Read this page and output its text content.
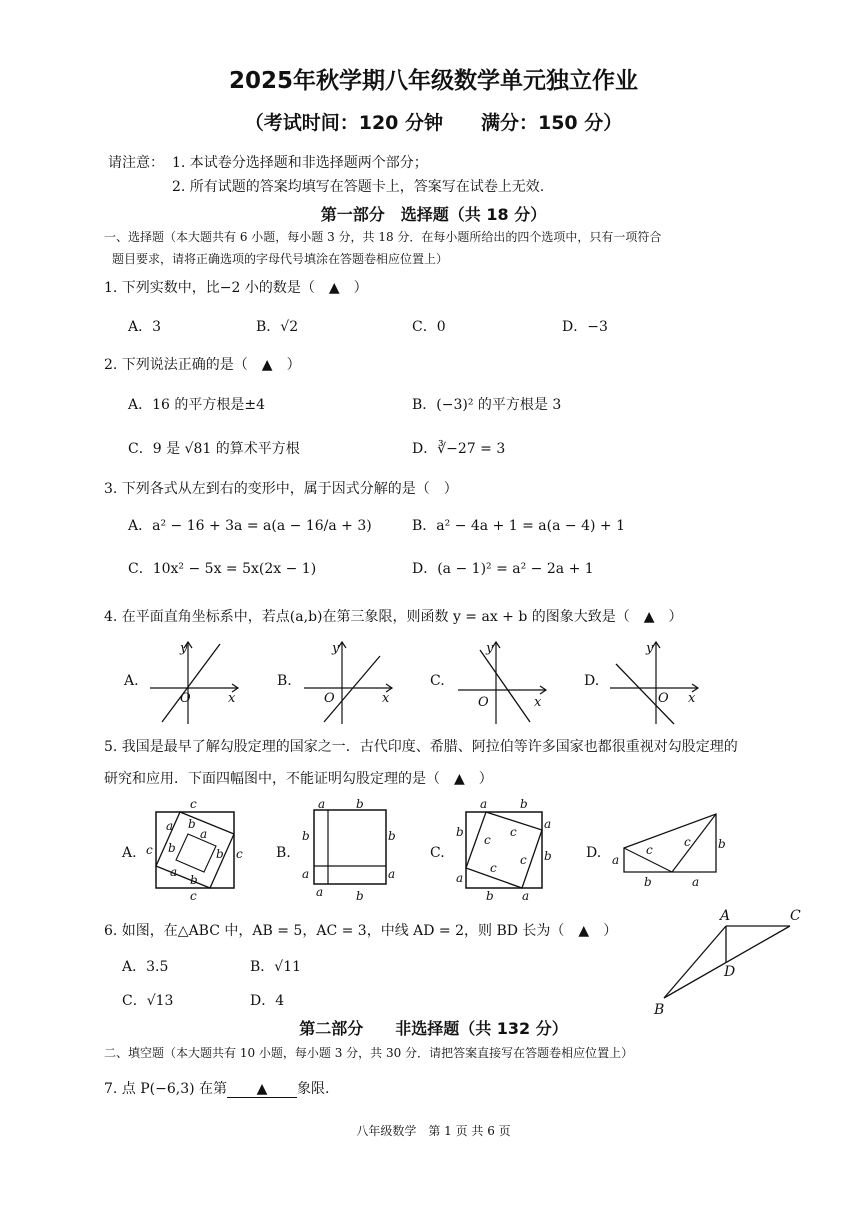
2025年秋学期八年级数学单元独立作业
（考试时间：120 分钟　　满分：150 分）
请注意： 1. 本试卷分选择题和非选择题两个部分；
2. 所有试题的答案均填写在答题卡上，答案写在试卷上无效.
第一部分　选择题（共 18 分）
一、选择题（本大题共有 6 小题，每小题 3 分，共 18 分．在每小题所给出的四个选项中，只有一项符合
题目要求，请将正确选项的字母代号填涂在答题卷相应位置上）
1. 下列实数中，比−2 小的数是（　▲　）
A．3	B．√2	C．0	D．−3
2. 下列说法正确的是（　▲　）
A．16 的平方根是±4	B．(−3)² 的平方根是 3
C．9 是 √81 的算术平方根	D．∛−27 = 3
3. 下列各式从左到右的变形中，属于因式分解的是（　）
A．a² − 16 + 3a = a(a − 16/a + 3)	B．a² − 4a + 1 = a(a − 4) + 1
C．10x² − 5x = 5x(2x − 1)	D．(a − 1)² = a² − 2a + 1
4. 在平面直角坐标系中，若点(a,b)在第三象限，则函数 y = ax + b 的图象大致是（　▲　）
A.
y
x
O
B.
y
x
O
C.
y
x
O
D.
y
x
O
5. 我国是最早了解勾股定理的国家之一．古代印度、希腊、阿拉伯等许多国家也都很重视对勾股定理的
研究和应用．下面四幅图中，不能证明勾股定理的是（　▲　）
A.
c
a b
a
b c
c b
a
b
c
B.
a	b
b	b
a	a
a	b
C.
a	b
b
a
c
c
c
c
b
a
b a
D. a
c
c b
b	a
6. 如图，在△ABC 中，AB = 5，AC = 3，中线 AD = 2，则 BD 长为（　▲　）
A．3.5	B．√11
C．√13	D．4
A	C
D
B
第二部分　　非选择题（共 132 分）
二、填空题（本大题共有 10 小题，每小题 3 分，共 30 分．请把答案直接写在答题卷相应位置上）
7. 点 P(−6,3) 在第 ▲ 象限.
八年级数学　第 1 页 共 6 页
